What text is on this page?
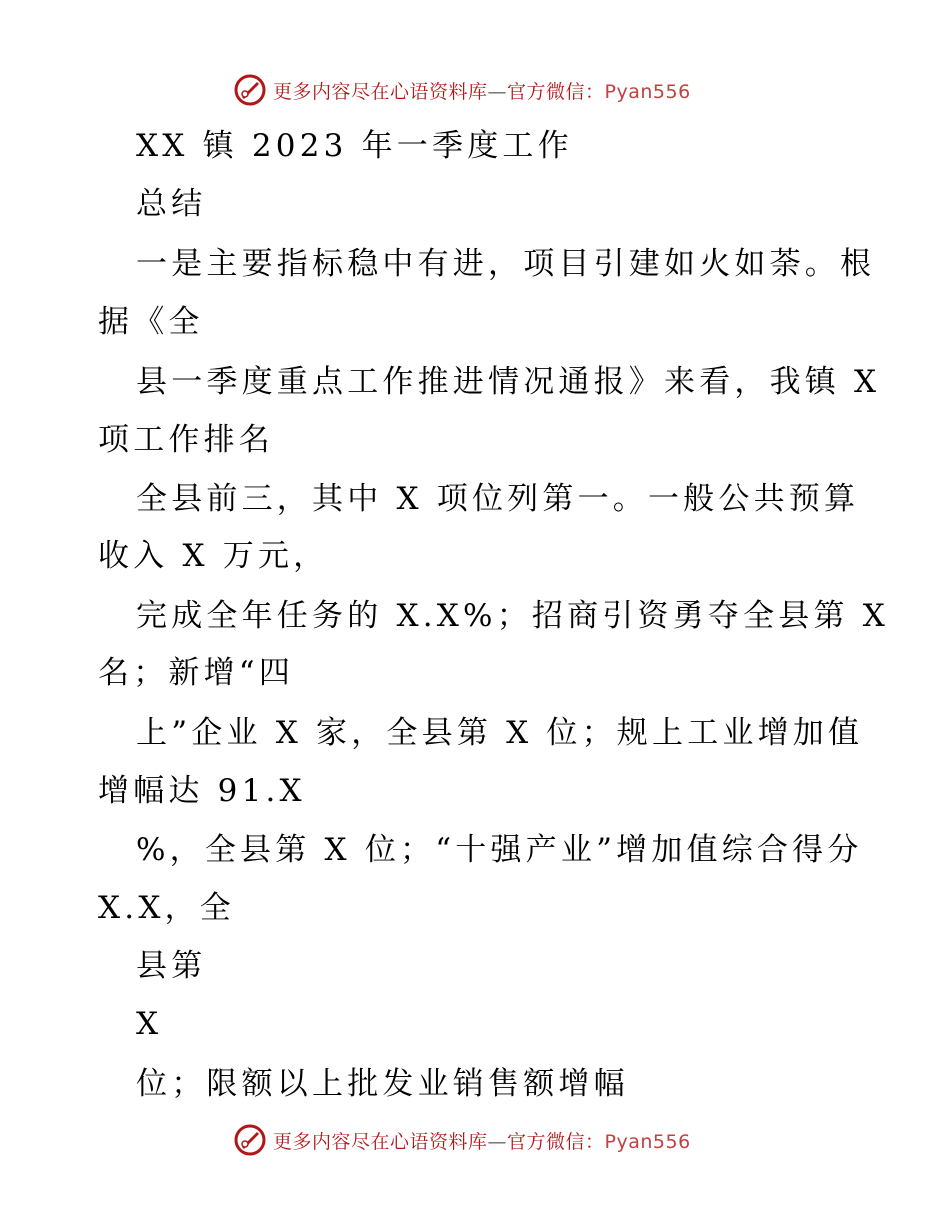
更多内容尽在心语资料库—官方微信：Pyan556
XX 镇 2023 年一季度工作
总结
一是主要指标稳中有进，项目引建如火如荼。根
据《全
县一季度重点工作推进情况通报》来看，我镇 X
项工作排名
全县前三，其中 X 项位列第一。一般公共预算
收入 X 万元，
完成全年任务的 X.X%；招商引资勇夺全县第 X
名；新增“四
上”企业 X 家，全县第 X 位；规上工业增加值
增幅达 91.X
%，全县第 X 位；“十强产业”增加值综合得分
X.X，全
县第
X
位；限额以上批发业销售额增幅
更多内容尽在心语资料库—官方微信：Pyan556
